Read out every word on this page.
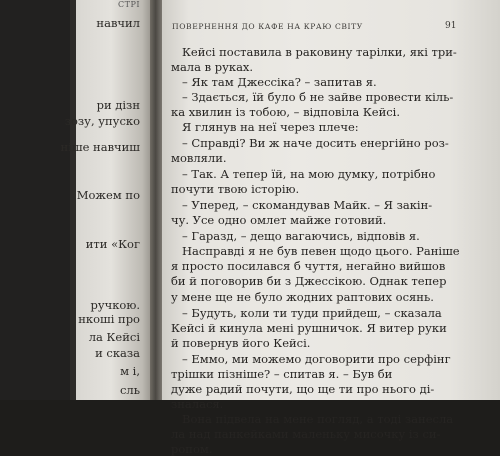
СТРІ
навчил
ри дізн
зозу, упуско
ніше навчиш
Можем по
ити «Ког
ручкою.
нкоші про
ла Кейсі
и сказа
м і,
сль
ПОВЕРНЕННЯ ДО КАФЕ НА КРАЮ СВІТУ	91
Кейсі поставила в раковину тарілки, які три-
мала в руках.
– Як там Джессіка? – запитав я.
– Здається, їй було б не зайве провести кіль-
ка хвилин із тобою, – відповіла Кейсі.
Я глянув на неї через плече:
– Справді? Ви ж наче досить енергійно роз-
мовляли.
– Так. А тепер їй, на мою думку, потрібно
почути твою історію.
– Уперед, – скомандував Майк. – Я закін-
чу. Усе одно омлет майже готовий.
– Гаразд, – дещо вагаючись, відповів я.
Насправді я не був певен щодо цього. Раніше
я просто посилався б чуття, негайно вийшов
би й поговорив би з Джессікою. Однак тепер
у мене ще не було жодних раптових осянь.
– Будуть, коли ти туди прийдеш, – сказала
Кейсі й кинула мені рушничок. Я витер руки
й повернув його Кейсі.
– Еммо, ми можемо договорити про серфінг
трішки пізніше? – спитав я. – Був би
дуже радий почути, що ще ти про нього ді-
зналася.
Вона підвела на мене погляд, а тоді занесла
ла над панкейками маленьку мисочку із си-
ропом.
